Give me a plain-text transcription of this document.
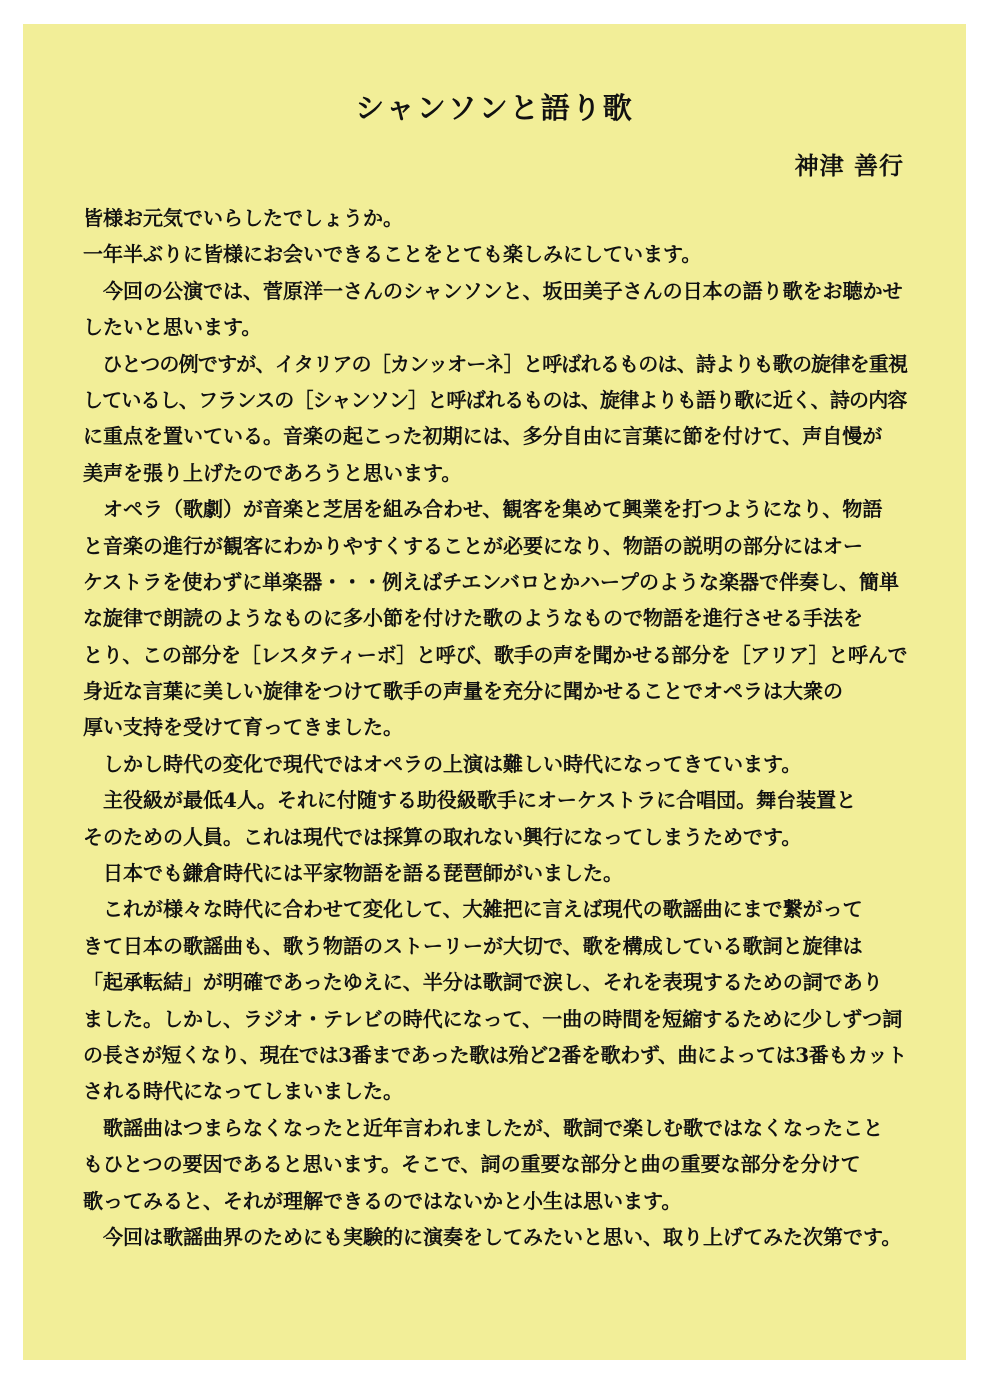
シャンソンと語り歌

神津 善行

皆様お元気でいらしたでしょうか。
一年半ぶりに皆様にお会いできることをとても楽しみにしています。
　今回の公演では、菅原洋一さんのシャンソンと、坂田美子さんの日本の語り歌をお聴かせ
したいと思います。
　ひとつの例ですが、イタリアの［カンッオーネ］と呼ばれるものは、詩よりも歌の旋律を重視
しているし、フランスの［シャンソン］と呼ばれるものは、旋律よりも語り歌に近く、詩の内容
に重点を置いている。音楽の起こった初期には、多分自由に言葉に節を付けて、声自慢が
美声を張り上げたのであろうと思います。
　オペラ（歌劇）が音楽と芝居を組み合わせ、観客を集めて興業を打つようになり、物語
と音楽の進行が観客にわかりやすくすることが必要になり、物語の説明の部分にはオー
ケストラを使わずに単楽器・・・例えばチエンバロとかハープのような楽器で伴奏し、簡単
な旋律で朗読のようなものに多小節を付けた歌のようなもので物語を進行させる手法を
とり、この部分を［レスタティーボ］と呼び、歌手の声を聞かせる部分を［アリア］と呼んで
身近な言葉に美しい旋律をつけて歌手の声量を充分に聞かせることでオペラは大衆の
厚い支持を受けて育ってきました。
　しかし時代の変化で現代ではオペラの上演は難しい時代になってきています。
　主役級が最低4人。それに付随する助役級歌手にオーケストラに合唱団。舞台装置と
そのための人員。これは現代では採算の取れない興行になってしまうためです。
　日本でも鎌倉時代には平家物語を語る琵琶師がいました。
　これが様々な時代に合わせて変化して、大雑把に言えば現代の歌謡曲にまで繋がって
きて日本の歌謡曲も、歌う物語のストーリーが大切で、歌を構成している歌詞と旋律は
「起承転結」が明確であったゆえに、半分は歌詞で涙し、それを表現するための詞であり
ました。しかし、ラジオ・テレビの時代になって、一曲の時間を短縮するために少しずつ詞
の長さが短くなり、現在では3番まであった歌は殆ど2番を歌わず、曲によっては3番もカット
される時代になってしまいました。
　歌謡曲はつまらなくなったと近年言われましたが、歌詞で楽しむ歌ではなくなったこと
もひとつの要因であると思います。そこで、詞の重要な部分と曲の重要な部分を分けて
歌ってみると、それが理解できるのではないかと小生は思います。
　今回は歌謡曲界のためにも実験的に演奏をしてみたいと思い、取り上げてみた次第です。
